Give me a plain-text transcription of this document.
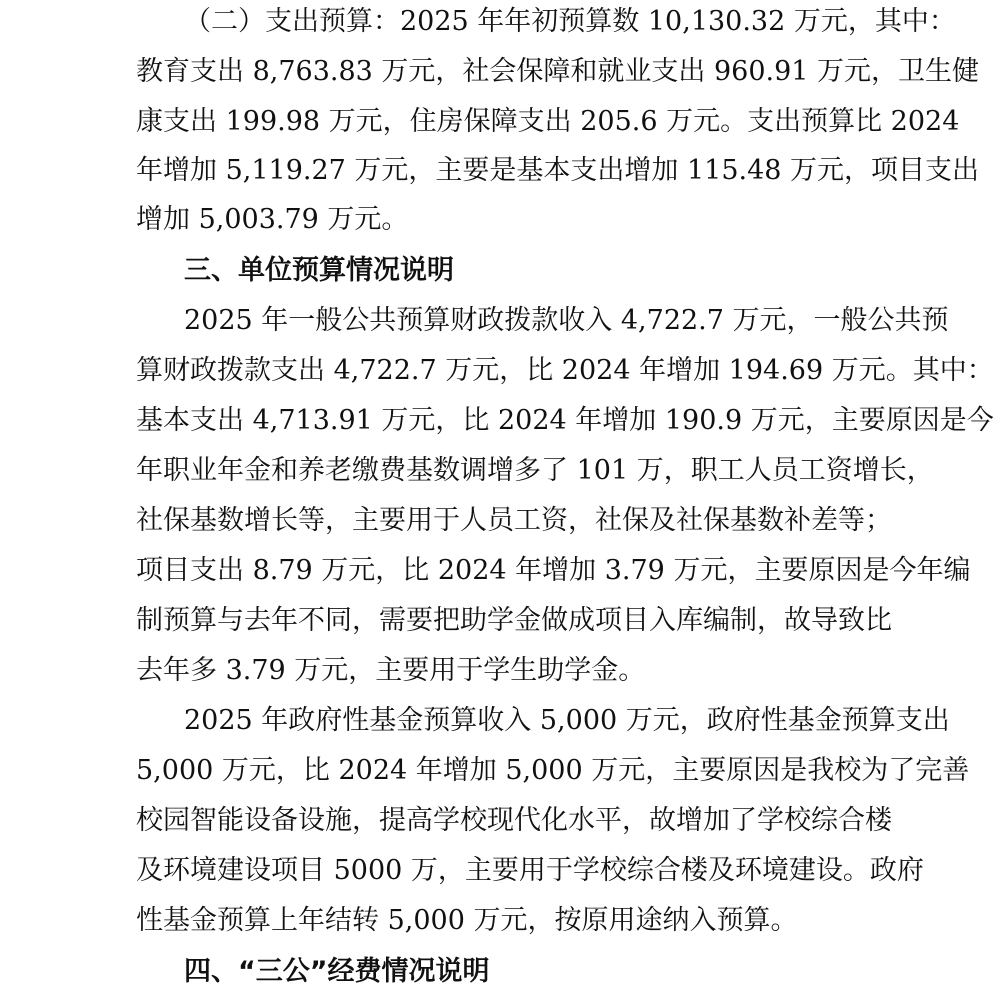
（二）支出预算：2025 年年初预算数 10,130.32 万元，其中：
教育支出 8,763.83 万元，社会保障和就业支出 960.91 万元，卫生健
康支出 199.98 万元，住房保障支出 205.6 万元。支出预算比 2024
年增加 5,119.27 万元，主要是基本支出增加 115.48 万元，项目支出
增加 5,003.79 万元。
三、单位预算情况说明
2025 年一般公共预算财政拨款收入 4,722.7 万元，一般公共预
算财政拨款支出 4,722.7 万元，比 2024 年增加 194.69 万元。其中：
基本支出 4,713.91 万元，比 2024 年增加 190.9 万元，主要原因是今
年职业年金和养老缴费基数调增多了 101 万，职工人员工资增长，
社保基数增长等，主要用于人员工资，社保及社保基数补差等；
项目支出 8.79 万元，比 2024 年增加 3.79 万元，主要原因是今年编
制预算与去年不同，需要把助学金做成项目入库编制，故导致比
去年多 3.79 万元，主要用于学生助学金。
2025 年政府性基金预算收入 5,000 万元，政府性基金预算支出
5,000 万元，比 2024 年增加 5,000 万元，主要原因是我校为了完善
校园智能设备设施，提高学校现代化水平，故增加了学校综合楼
及环境建设项目 5000 万，主要用于学校综合楼及环境建设。政府
性基金预算上年结转 5,000 万元，按原用途纳入预算。
四、“三公”经费情况说明
